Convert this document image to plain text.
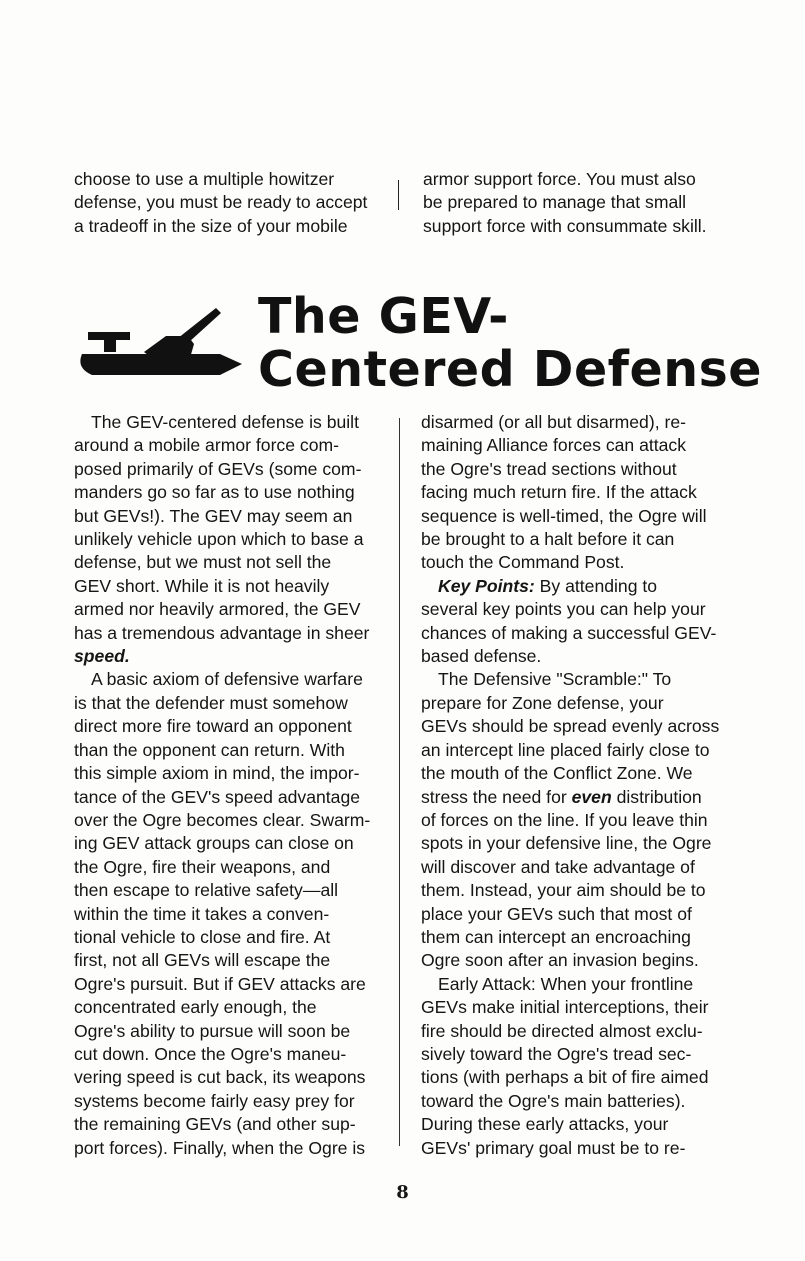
choose to use a multiple howitzer
defense, you must be ready to accept
a tradeoff in the size of your mobile
armor support force. You must also
be prepared to manage that small
support force with consummate skill.
The GEV-
Centered Defense

The GEV-centered defense is built
around a mobile armor force com-
posed primarily of GEVs (some com-
manders go so far as to use nothing
but GEVs!). The GEV may seem an
unlikely vehicle upon which to base a
defense, but we must not sell the
GEV short. While it is not heavily
armed nor heavily armored, the GEV
has a tremendous advantage in sheer
speed.

A basic axiom of defensive warfare
is that the defender must somehow
direct more fire toward an opponent
than the opponent can return. With
this simple axiom in mind, the impor-
tance of the GEV's speed advantage
over the Ogre becomes clear. Swarm-
ing GEV attack groups can close on
the Ogre, fire their weapons, and
then escape to relative safety—all
within the time it takes a conven-
tional vehicle to close and fire. At
first, not all GEVs will escape the
Ogre's pursuit. But if GEV attacks are
concentrated early enough, the
Ogre's ability to pursue will soon be
cut down. Once the Ogre's maneu-
vering speed is cut back, its weapons
systems become fairly easy prey for
the remaining GEVs (and other sup-
port forces). Finally, when the Ogre is

disarmed (or all but disarmed), re-
maining Alliance forces can attack
the Ogre's tread sections without
facing much return fire. If the attack
sequence is well-timed, the Ogre will
be brought to a halt before it can
touch the Command Post.

Key Points: By attending to
several key points you can help your
chances of making a successful GEV-
based defense.

The Defensive "Scramble:" To
prepare for Zone defense, your
GEVs should be spread evenly across
an intercept line placed fairly close to
the mouth of the Conflict Zone. We
stress the need for even distribution
of forces on the line. If you leave thin
spots in your defensive line, the Ogre
will discover and take advantage of
them. Instead, your aim should be to
place your GEVs such that most of
them can intercept an encroaching
Ogre soon after an invasion begins.

Early Attack: When your frontline
GEVs make initial interceptions, their
fire should be directed almost exclu-
sively toward the Ogre's tread sec-
tions (with perhaps a bit of fire aimed
toward the Ogre's main batteries).
During these early attacks, your
GEVs' primary goal must be to re-

8
